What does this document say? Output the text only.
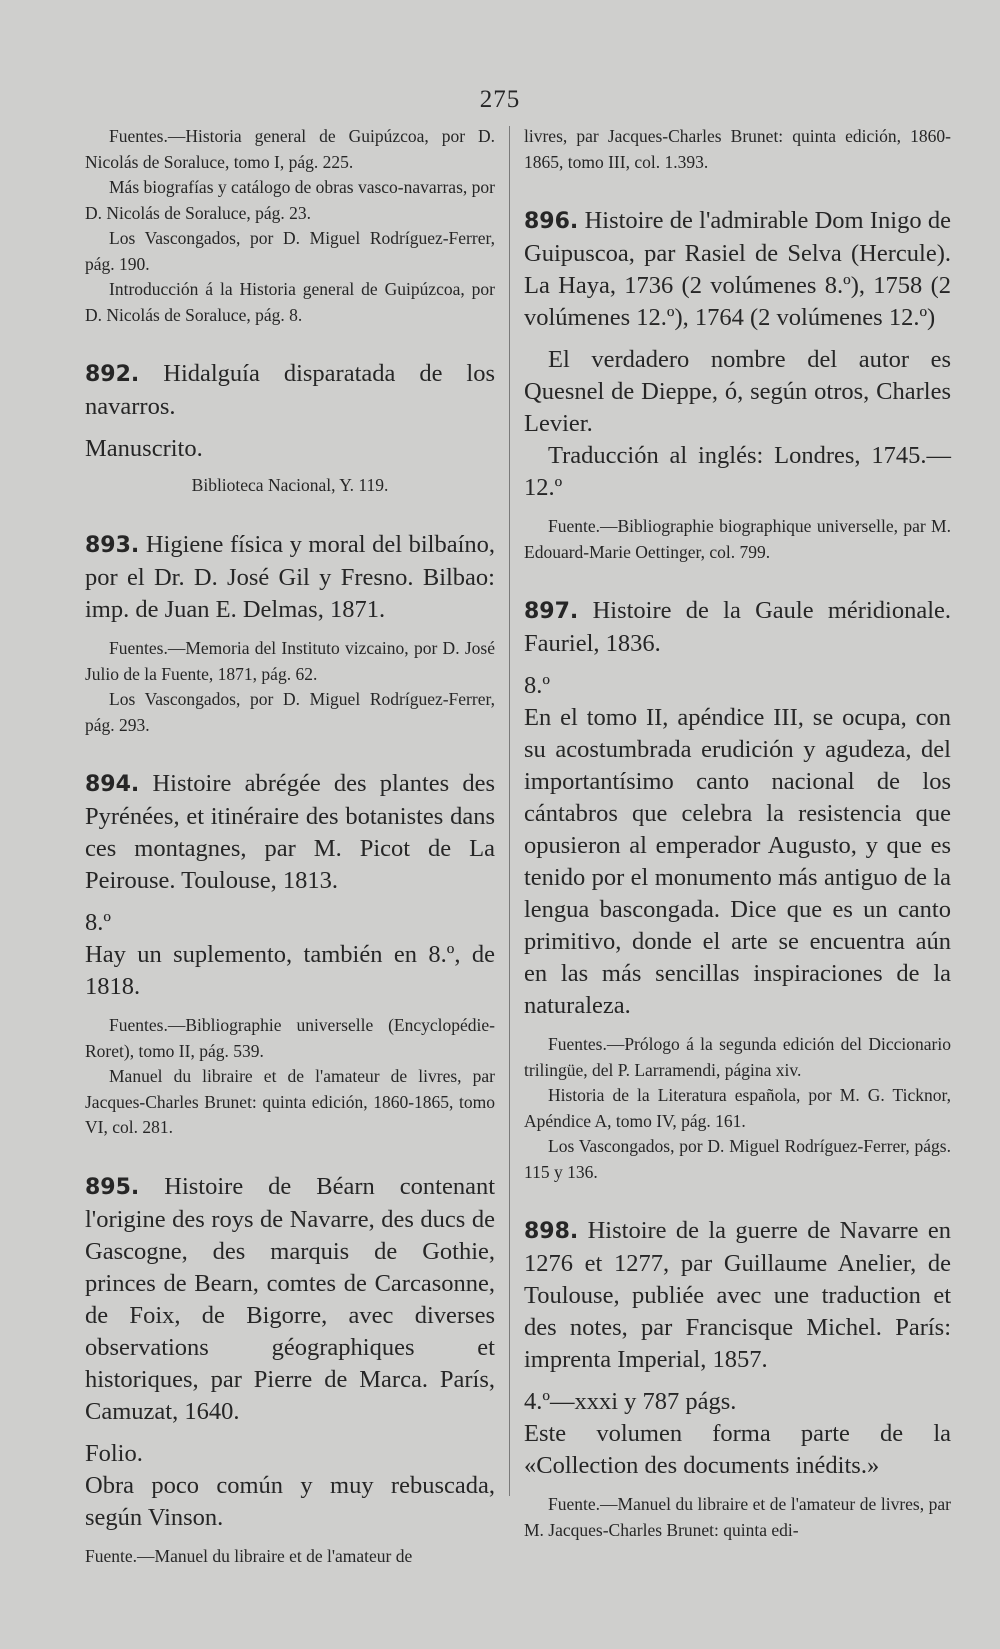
275

Fuentes.—Historia general de Guipúzcoa, por D. Nicolás de Soraluce, tomo I, pág. 225.

Más biografías y catálogo de obras vasco-navarras, por D. Nicolás de Soraluce, pág. 23.

Los Vascongados, por D. Miguel Rodríguez-Ferrer, pág. 190.

Introducción á la Historia general de Guipúzcoa, por D. Nicolás de Soraluce, pág. 8.

892. Hidalguía disparatada de los navarros.

Manuscrito.

Biblioteca Nacional, Y. 119.

893. Higiene física y moral del bilbaíno, por el Dr. D. José Gil y Fresno. Bilbao: imp. de Juan E. Delmas, 1871.

Fuentes.—Memoria del Instituto vizcaino, por D. José Julio de la Fuente, 1871, pág. 62.

Los Vascongados, por D. Miguel Rodríguez-Ferrer, pág. 293.

894. Histoire abrégée des plantes des Pyrénées, et itinéraire des botanistes dans ces montagnes, par M. Picot de La Peirouse. Toulouse, 1813.

8.º

Hay un suplemento, también en 8.º, de 1818.

Fuentes.—Bibliographie universelle (Encyclopédie-Roret), tomo II, pág. 539.

Manuel du libraire et de l'amateur de livres, par Jacques-Charles Brunet: quinta edición, 1860-1865, tomo VI, col. 281.

895. Histoire de Béarn contenant l'origine des roys de Navarre, des ducs de Gascogne, des marquis de Gothie, princes de Bearn, comtes de Carcasonne, de Foix, de Bigorre, avec diverses observations géographiques et historiques, par Pierre de Marca. París, Camuzat, 1640.

Folio.

Obra poco común y muy rebuscada, según Vinson.

Fuente.—Manuel du libraire et de l'amateur de

livres, par Jacques-Charles Brunet: quinta edición, 1860-1865, tomo III, col. 1.393.

896. Histoire de l'admirable Dom Inigo de Guipuscoa, par Rasiel de Selva (Hercule). La Haya, 1736 (2 volúmenes 8.º), 1758 (2 volúmenes 12.º), 1764 (2 volúmenes 12.º)

El verdadero nombre del autor es Quesnel de Dieppe, ó, según otros, Charles Levier.

Traducción al inglés: Londres, 1745.—12.º

Fuente.—Bibliographie biographique universelle, par M. Edouard-Marie Oettinger, col. 799.

897. Histoire de la Gaule méridionale. Fauriel, 1836.

8.º

En el tomo II, apéndice III, se ocupa, con su acostumbrada erudición y agudeza, del importantísimo canto nacional de los cántabros que celebra la resistencia que opusieron al emperador Augusto, y que es tenido por el monumento más antiguo de la lengua bascongada. Dice que es un canto primitivo, donde el arte se encuentra aún en las más sencillas inspiraciones de la naturaleza.

Fuentes.—Prólogo á la segunda edición del Diccionario trilingüe, del P. Larramendi, página xiv.

Historia de la Literatura española, por M. G. Ticknor, Apéndice A, tomo IV, pág. 161.

Los Vascongados, por D. Miguel Rodríguez-Ferrer, págs. 115 y 136.

898. Histoire de la guerre de Navarre en 1276 et 1277, par Guillaume Anelier, de Toulouse, publiée avec une traduction et des notes, par Francisque Michel. París: imprenta Imperial, 1857.

4.º—xxxi y 787 págs.

Este volumen forma parte de la «Collection des documents inédits.»

Fuente.—Manuel du libraire et de l'amateur de livres, par M. Jacques-Charles Brunet: quinta edi-
